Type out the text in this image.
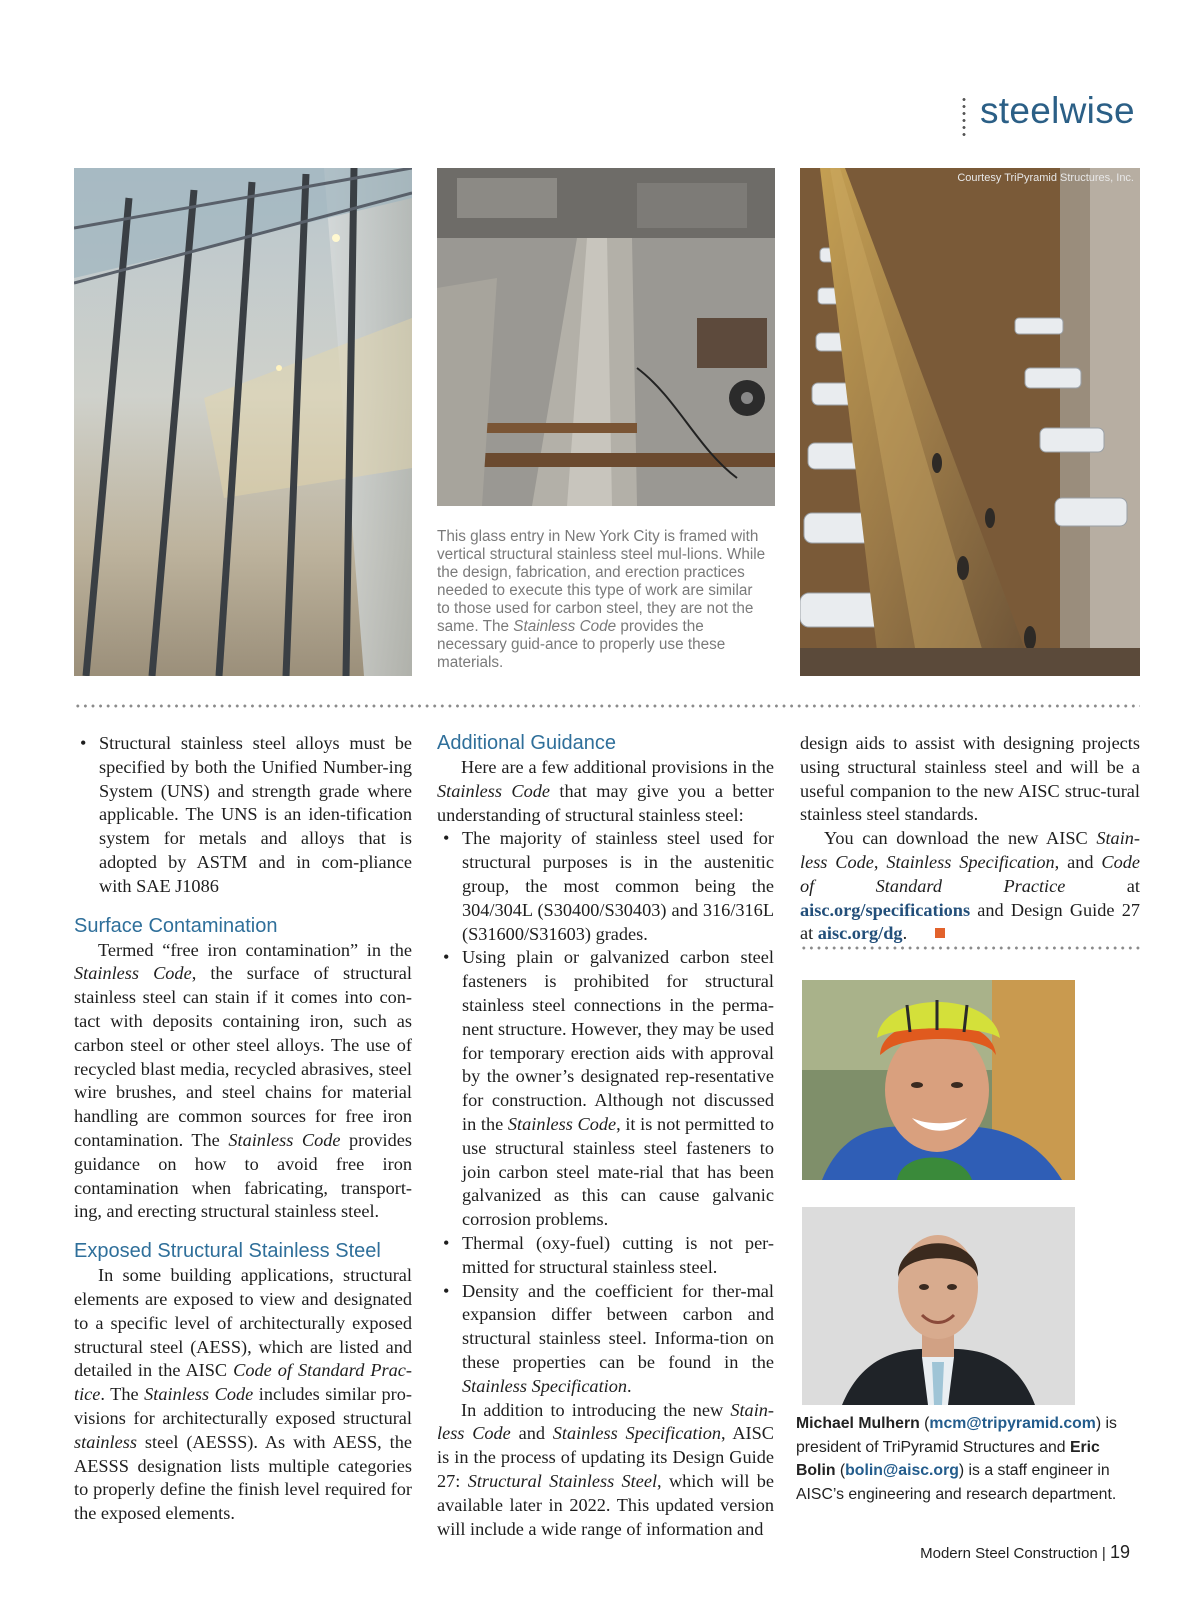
steelwise
Courtesy TriPyramid Structures, Inc.
This glass entry in New York City is framed with vertical structural stainless steel mul-lions. While the design, fabrication, and erection practices needed to execute this type of work are similar to those used for carbon steel, they are not the same. The Stainless Code provides the necessary guid-ance to properly use these materials.
• Structural stainless steel alloys must be specified by both the Unified Number-ing System (UNS) and strength grade where applicable. The UNS is an iden-tification system for metals and alloys that is adopted by ASTM and in com-pliance with SAE J1086
Surface Contamination

Termed “free iron contamination” in the Stainless Code, the surface of structural stainless steel can stain if it comes into con-tact with deposits containing iron, such as carbon steel or other steel alloys. The use of recycled blast media, recycled abrasives, steel wire brushes, and steel chains for material handling are common sources for free iron contamination. The Stainless Code provides guidance on how to avoid free iron contamination when fabricating, transport-ing, and erecting structural stainless steel.

Exposed Structural Stainless Steel

In some building applications, structural elements are exposed to view and designated to a specific level of architecturally exposed structural steel (AESS), which are listed and detailed in the AISC Code of Standard Prac-tice. The Stainless Code includes similar pro-visions for architecturally exposed structural stainless steel (AESSS). As with AESS, the AESSS designation lists multiple categories to properly define the finish level required for the exposed elements.

Additional Guidance

Here are a few additional provisions in the Stainless Code that may give you a better understanding of structural stainless steel:

• The majority of stainless steel used for structural purposes is in the austenitic group, the most common being the 304/304L (S30400/S30403) and 316/316L (S31600/S31603) grades.
• Using plain or galvanized carbon steel fasteners is prohibited for structural stainless steel connections in the perma-nent structure. However, they may be used for temporary erection aids with approval by the owner’s designated rep-resentative for construction. Although not discussed in the Stainless Code, it is not permitted to use structural stainless steel fasteners to join carbon steel mate-rial that has been galvanized as this can cause galvanic corrosion problems.
• Thermal (oxy-fuel) cutting is not per-mitted for structural stainless steel.
• Density and the coefficient for ther-mal expansion differ between carbon and structural stainless steel. Informa-tion on these properties can be found in the Stainless Specification.

In addition to introducing the new Stain-less Code and Stainless Specification, AISC is in the process of updating its Design Guide 27: Structural Stainless Steel, which will be available later in 2022. This updated version will include a wide range of information and

design aids to assist with designing projects using structural stainless steel and will be a useful companion to the new AISC struc-tural stainless steel standards.

You can download the new AISC Stain-less Code, Stainless Specification, and Code of Standard Practice at aisc.org/specifications and Design Guide 27 at aisc.org/dg.

Michael Mulhern (mcm@tripyramid.com) is president of TriPyramid Structures and Eric Bolin (bolin@aisc.org) is a staff engineer in AISC’s engineering and research department.
Modern Steel Construction | 19
